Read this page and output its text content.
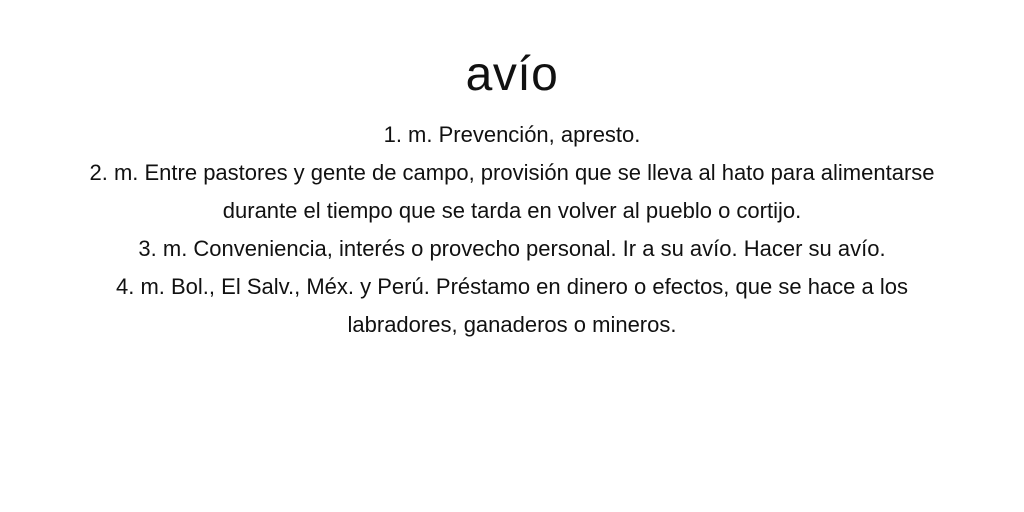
avío
1. m. Prevención, apresto.
2. m. Entre pastores y gente de campo, provisión que se lleva al hato para alimentarse durante el tiempo que se tarda en volver al pueblo o cortijo.
3. m. Conveniencia, interés o provecho personal. Ir a su avío. Hacer su avío.
4. m. Bol., El Salv., Méx. y Perú. Préstamo en dinero o efectos, que se hace a los labradores, ganaderos o mineros.
